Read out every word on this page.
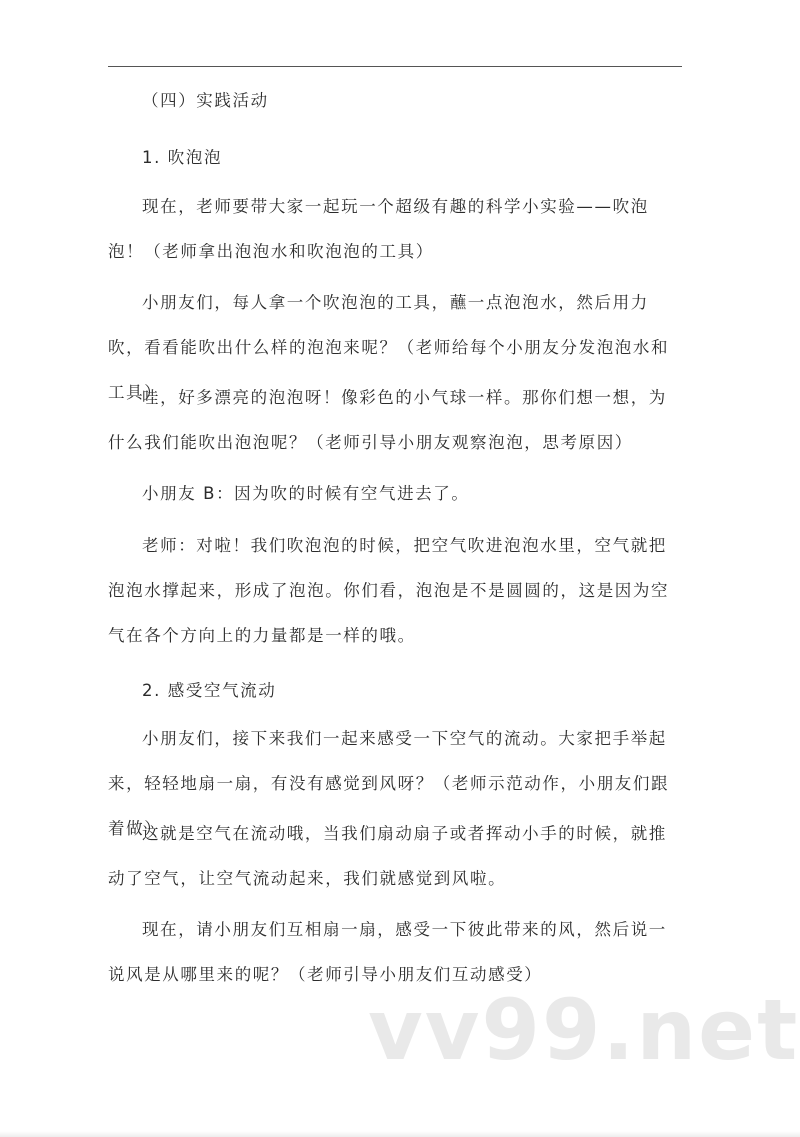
（四）实践活动
1. 吹泡泡
现在，老师要带大家一起玩一个超级有趣的科学小实验——吹泡泡！（老师拿出泡泡水和吹泡泡的工具）
小朋友们，每人拿一个吹泡泡的工具，蘸一点泡泡水，然后用力吹，看看能吹出什么样的泡泡来呢？（老师给每个小朋友分发泡泡水和工具）
哇，好多漂亮的泡泡呀！像彩色的小气球一样。那你们想一想，为什么我们能吹出泡泡呢？（老师引导小朋友观察泡泡，思考原因）
小朋友 B：因为吹的时候有空气进去了。
老师：对啦！我们吹泡泡的时候，把空气吹进泡泡水里，空气就把泡泡水撑起来，形成了泡泡。你们看，泡泡是不是圆圆的，这是因为空气在各个方向上的力量都是一样的哦。
2. 感受空气流动
小朋友们，接下来我们一起来感受一下空气的流动。大家把手举起来，轻轻地扇一扇，有没有感觉到风呀？（老师示范动作，小朋友们跟着做）
这就是空气在流动哦，当我们扇动扇子或者挥动小手的时候，就推动了空气，让空气流动起来，我们就感觉到风啦。
现在，请小朋友们互相扇一扇，感受一下彼此带来的风，然后说一说风是从哪里来的呢？（老师引导小朋友们互动感受）
vv99.net
